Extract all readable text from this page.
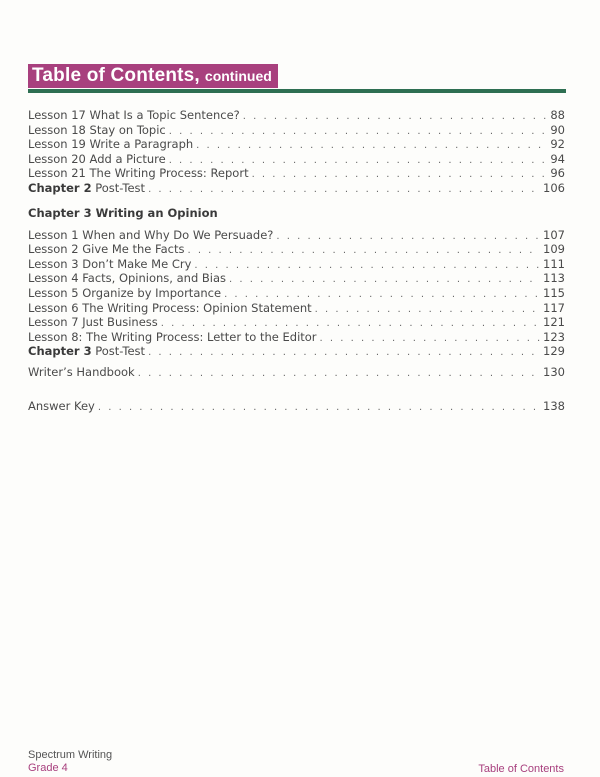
Table of Contents, continued
Lesson 17 What Is a Topic Sentence? . . .	88
Lesson 18 Stay on Topic . . .	90
Lesson 19 Write a Paragraph . . .	92
Lesson 20 Add a Picture . . .	94
Lesson 21 The Writing Process: Report . . .	96
Chapter 2 Post-Test . . .	106
Chapter 3 Writing an Opinion
Lesson 1 When and Why Do We Persuade? . . .	107
Lesson 2 Give Me the Facts . . .	109
Lesson 3 Don’t Make Me Cry . . .	111
Lesson 4 Facts, Opinions, and Bias . . .	113
Lesson 5 Organize by Importance . . .	115
Lesson 6 The Writing Process: Opinion Statement . . .	117
Lesson 7 Just Business . . .	121
Lesson 8: The Writing Process: Letter to the Editor . . .	123
Chapter 3 Post-Test . . .	129
Writer’s Handbook . . .	130
Answer Key . . .	138
Spectrum Writing
Grade 4	Table of Contents
